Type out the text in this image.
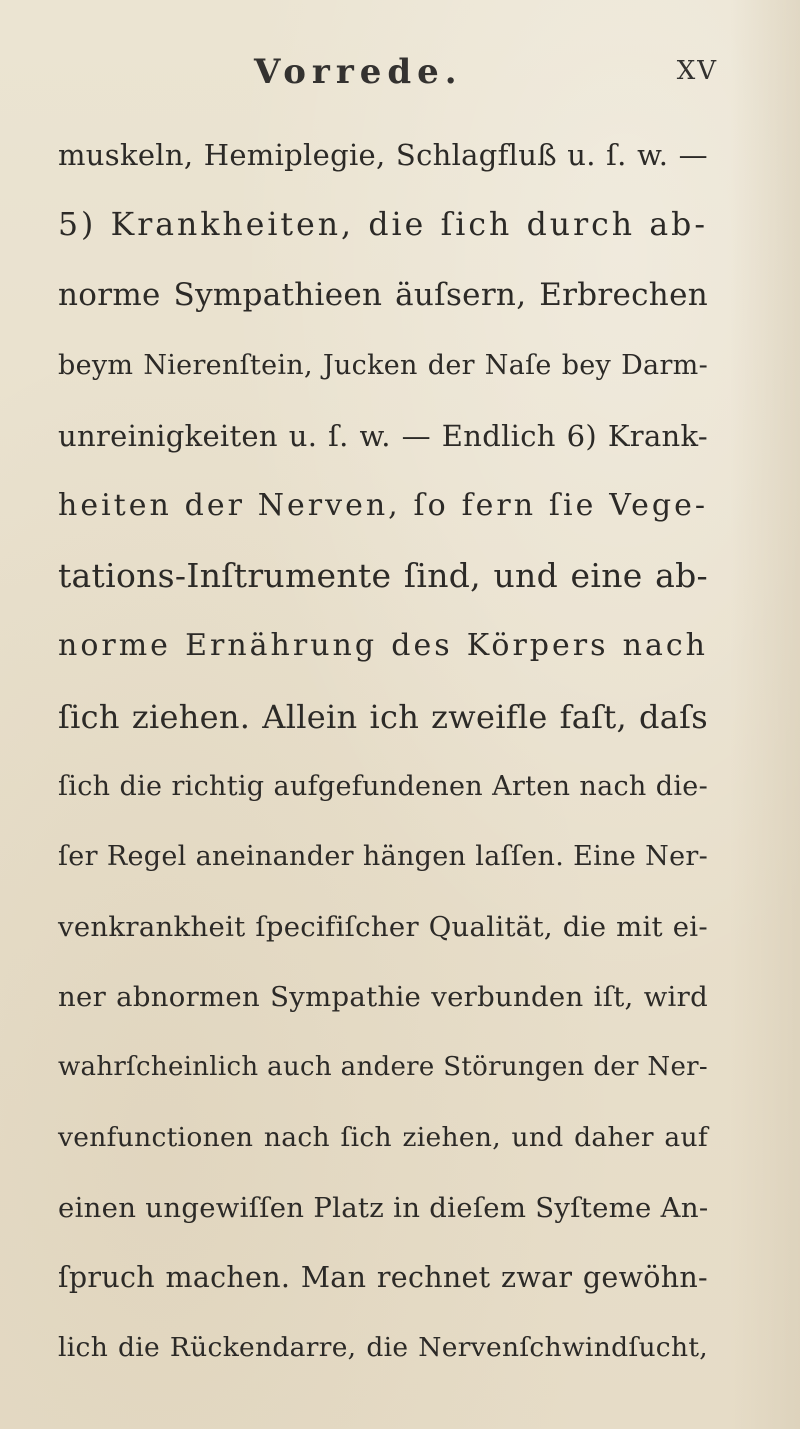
Vorrede.	XV
muskeln, Hemiplegie, Schlagfluß u. ſ. w. —
5) Krankheiten, die ſich durch ab-
norme Sympathieen äuſsern, Erbrechen
beym Nierenſtein, Jucken der Naſe bey Darm-
unreinigkeiten u. ſ. w. — Endlich 6) Krank-
heiten der Nerven, ſo fern ſie Vege-
tations-Inſtrumente ſind, und eine ab-
norme Ernährung des Körpers nach
ſich ziehen. Allein ich zweifle faſt, daſs
ſich die richtig aufgefundenen Arten nach die-
ſer Regel aneinander hängen laſſen. Eine Ner-
venkrankheit ſpecifiſcher Qualität, die mit ei-
ner abnormen Sympathie verbunden iſt, wird
wahrſcheinlich auch andere Störungen der Ner-
venfunctionen nach ſich ziehen, und daher auf
einen ungewiſſen Platz in dieſem Syſteme An-
ſpruch machen. Man rechnet zwar gewöhn-
lich die Rückendarre, die Nervenſchwindſucht,
